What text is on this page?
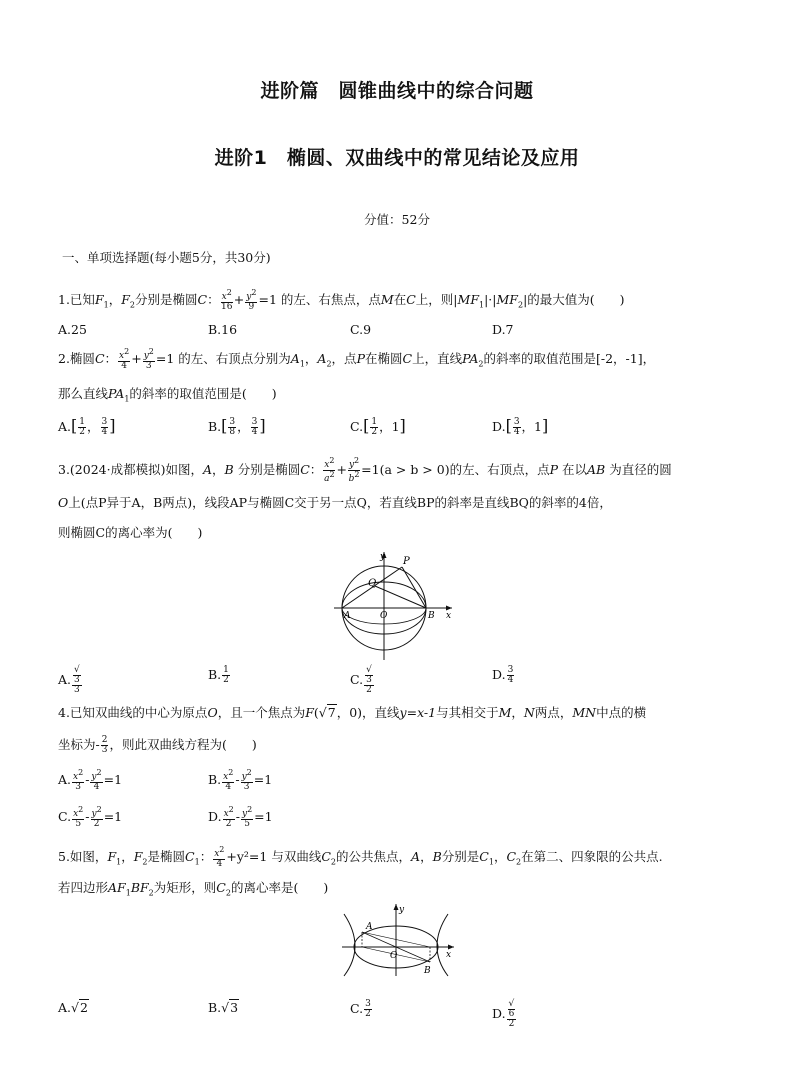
进阶篇　圆锥曲线中的综合问题
进阶1　椭圆、双曲线中的常见结论及应用
分值：52分
一、单项选择题(每小题5分，共30分)
1.已知$F_1$，$F_2$分别是椭圆C： $\frac{x^2}{16} + \frac{y^2}{9} =1$ 的左、右焦点，点M在C上，则$|MF_1|\cdot|MF_2|$的最大值为(　　)
A.25	B.16	C.9	D.7
2.椭圆C： $\frac{x^2}{4} + \frac{y^2}{3} =1$ 的左、右顶点分别为$A_1$，$A_2$，点P在椭圆C上，直线$PA_2$的斜率的取值范围是[-2，-1]，
那么直线$PA_1$的斜率的取值范围是(　　)
$A.[ \frac{1}{2}$ ， $\frac{3}{4}$ ]	$B.[ \frac{3}{8}$ ， $\frac{3}{4}$ ]	$C.[ \frac{1}{2}$ ，1]	$D.[ \frac{3}{4}$ ，1]
3.(2024·成都模拟)如图，A，B 分别是椭圆C： $\frac{x^2}{a^2} + \frac{y^2}{b^2} =1(a > b > 0)$的左、右顶点，点P 在以AB 为直径的圆
O上(点P异于A，B两点)，线段AP与椭圆C交于另一点Q，若直线BP的斜率是直线BQ的斜率的4倍，
则椭圆C的离心率为(　　)
y P
Q
A	O	B x
A. √
3
3	B. $\frac{1}{2}$	C. √
3
2	D. $\frac{3}{4}$
4.已知双曲线的中心为原点O，且一个焦点为F(√7，0)，直线y=x-1与其相交于M，N两点，MN中点的横
坐标为- $\frac{2}{3}$ ，则此双曲线方程为(　　)
A. $\frac{x^2}{3} - \frac{y^2}{4} =1$	B. $\frac{x^2}{4} - \frac{y^2}{3} =1$
C. $\frac{x^2}{5} - \frac{y^2}{2} =1$	D. $\frac{x^2}{2} - \frac{y^2}{5} =1$
5.如图，$F_1$，$F_2$是椭圆$C_1$： $\frac{x^2}{4} +y^2=1$ 与双曲线$C_2$的公共焦点，A，B分别是$C_1$，$C_2$在第二、四象限的公共点.
若四边形$AF_1BF_2$为矩形，则$C_2$的离心率是(　　)
y
A
O
B
x
A.√2	B.√3	C. $\frac{3}{2}$	D. √
6
2
